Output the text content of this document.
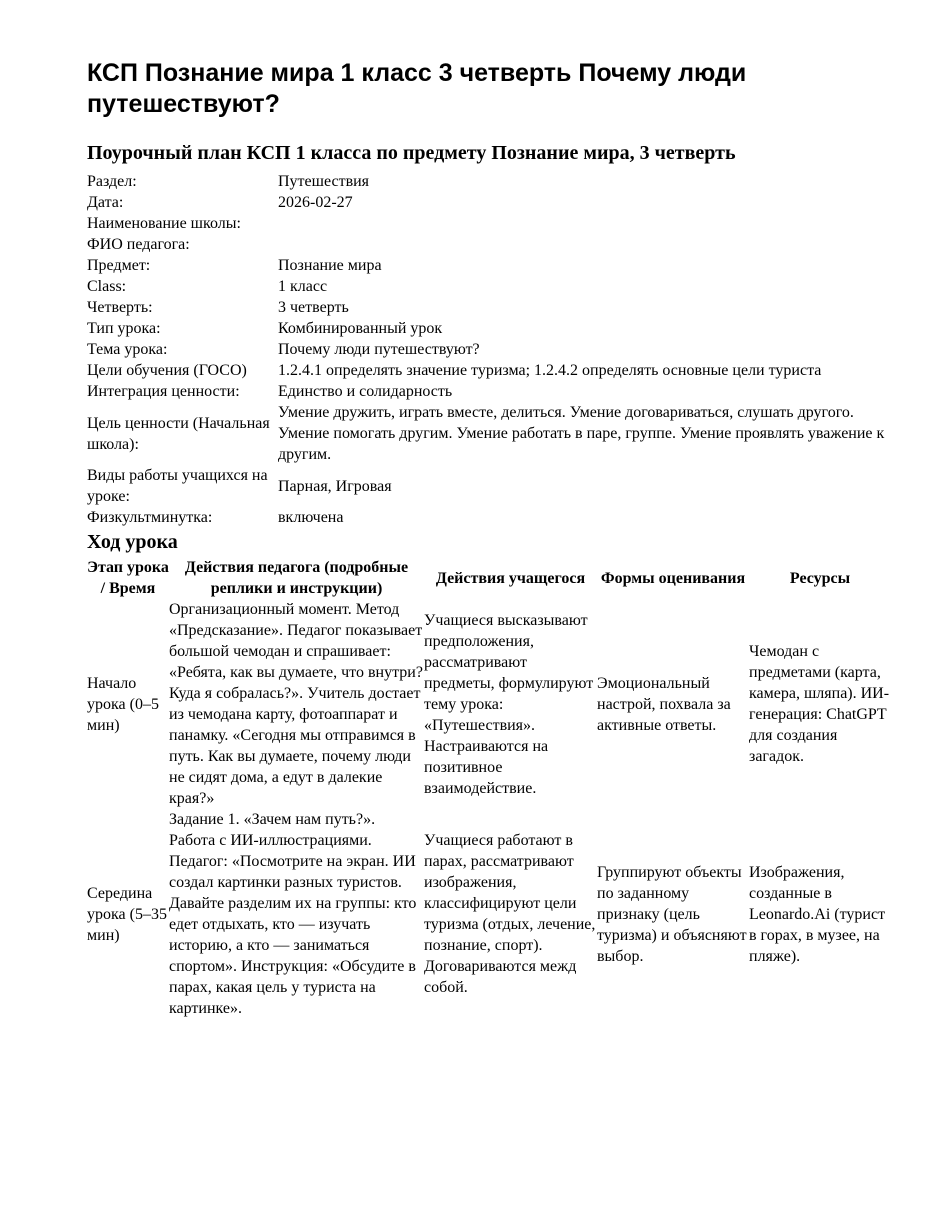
КСП Познание мира 1 класс 3 четверть Почему люди путешествуют?
Поурочный план КСП 1 класса по предмету Познание мира, 3 четверть
Раздел:	Путешествия
Дата:	2026-02-27
Наименование школы:	
ФИО педагога:	
Предмет:	Познание мира
Class:	1 класс
Четверть:	3 четверть
Тип урока:	Комбинированный урок
Тема урока:	Почему люди путешествуют?
Цели обучения (ГОСО)	1.2.4.1 определять значение туризма; 1.2.4.2 определять основные цели туриста
Интеграция ценности:	Единство и солидарность
Цель ценности (Начальная школа):	Умение дружить, играть вместе, делиться. Умение договариваться, слушать другого. Умение помогать другим. Умение работать в паре, группе. Умение проявлять уважение к другим.
Виды работы учащихся на уроке:	Парная, Игровая
Физкультминутка:	включена
Ход урока
Этап урока / Время	Действия педагога (подробные реплики и инструкции)	Действия учащегося	Формы оценивания	Ресурсы
Начало урока (0–5 мин)	Организационный момент. Метод «Предсказание». Педагог показывает большой чемодан и спрашивает: «Ребята, как вы думаете, что внутри? Куда я собралась?». Учитель достает из чемодана карту, фотоаппарат и панамку. «Сегодня мы отправимся в путь. Как вы думаете, почему люди не сидят дома, а едут в далекие края?»	Учащиеся высказывают предположения, рассматривают предметы, формулируют тему урока: «Путешествия». Настраиваются на позитивное взаимодействие.	Эмоциональный настрой, похвала за активные ответы.	Чемодан с предметами (карта, камера, шляпа). ИИ-генерация: ChatGPT для создания загадок.
Середина урока (5–35 мин)	Задание 1. «Зачем нам путь?». Работа с ИИ-иллюстрациями. Педагог: «Посмотрите на экран. ИИ создал картинки разных туристов. Давайте разделим их на группы: кто едет отдыхать, кто — изучать историю, а кто — заниматься спортом». Инструкция: «Обсудите в парах, какая цель у туриста на картинке».	Учащиеся работают в парах, рассматривают изображения, классифицируют цели туризма (отдых, лечение, познание, спорт). Договариваются межд собой.	Группируют объекты по заданному признаку (цель туризма) и объясняют выбор.	Изображения, созданные в Leonardo.Ai (турист в горах, в музее, на пляже).
